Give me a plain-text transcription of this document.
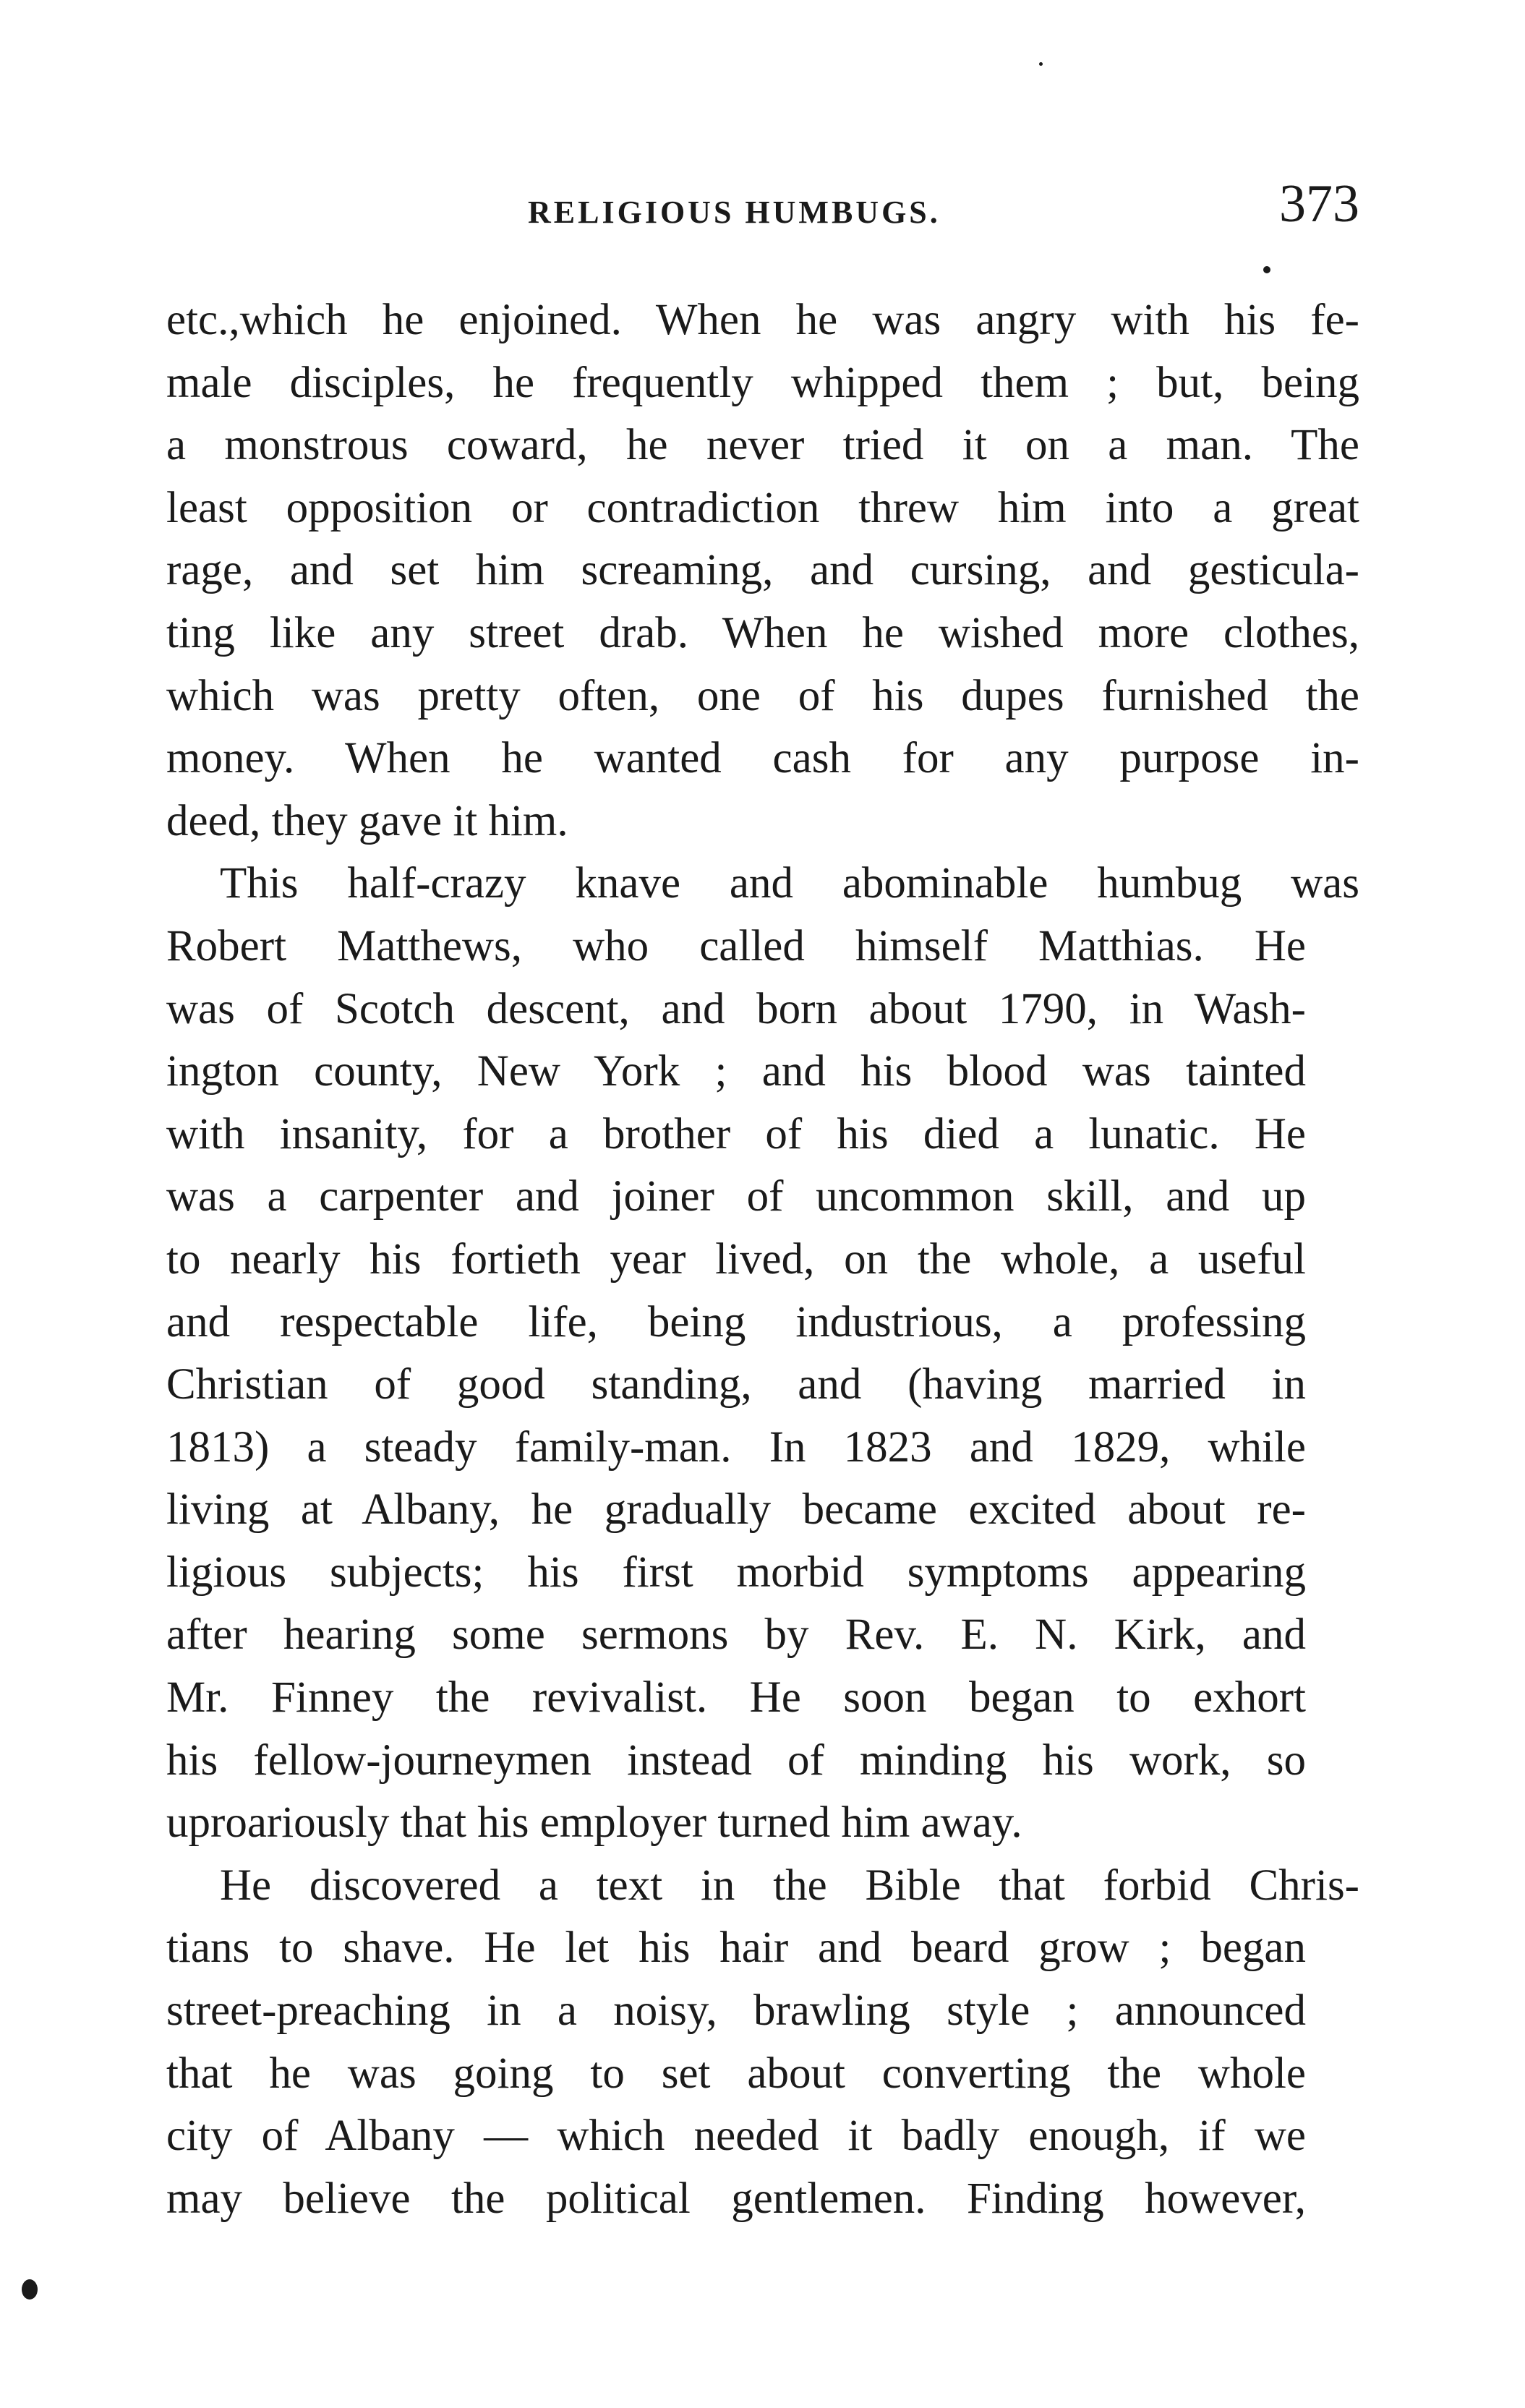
RELIGIOUS HUMBUGS.	373

etc.,which he enjoined. When he was angry with his fe-
male disciples, he frequently whipped them ; but, being
a monstrous coward, he never tried it on a man. The
least opposition or contradiction threw him into a great
rage, and set him screaming, and cursing, and gesticula-
ting like any street drab. When he wished more clothes,
which was pretty often, one of his dupes furnished the
money. When he wanted cash for any purpose in-
deed, they gave it him.

This half-crazy knave and abominable humbug was
Robert Matthews, who called himself Matthias. He
was of Scotch descent, and born about 1790, in Wash-
ington county, New York ; and his blood was tainted
with insanity, for a brother of his died a lunatic. He
was a carpenter and joiner of uncommon skill, and up
to nearly his fortieth year lived, on the whole, a useful
and respectable life, being industrious, a professing
Christian of good standing, and (having married in
1813) a steady family-man. In 1823 and 1829, while
living at Albany, he gradually became excited about re-
ligious subjects; his first morbid symptoms appearing
after hearing some sermons by Rev. E. N. Kirk, and
Mr. Finney the revivalist. He soon began to exhort
his fellow-journeymen instead of minding his work, so
uproariously that his employer turned him away.

He discovered a text in the Bible that forbid Chris-
tians to shave. He let his hair and beard grow ; began
street-preaching in a noisy, brawling style ; announced
that he was going to set about converting the whole
city of Albany — which needed it badly enough, if we
may believe the political gentlemen. Finding however,
